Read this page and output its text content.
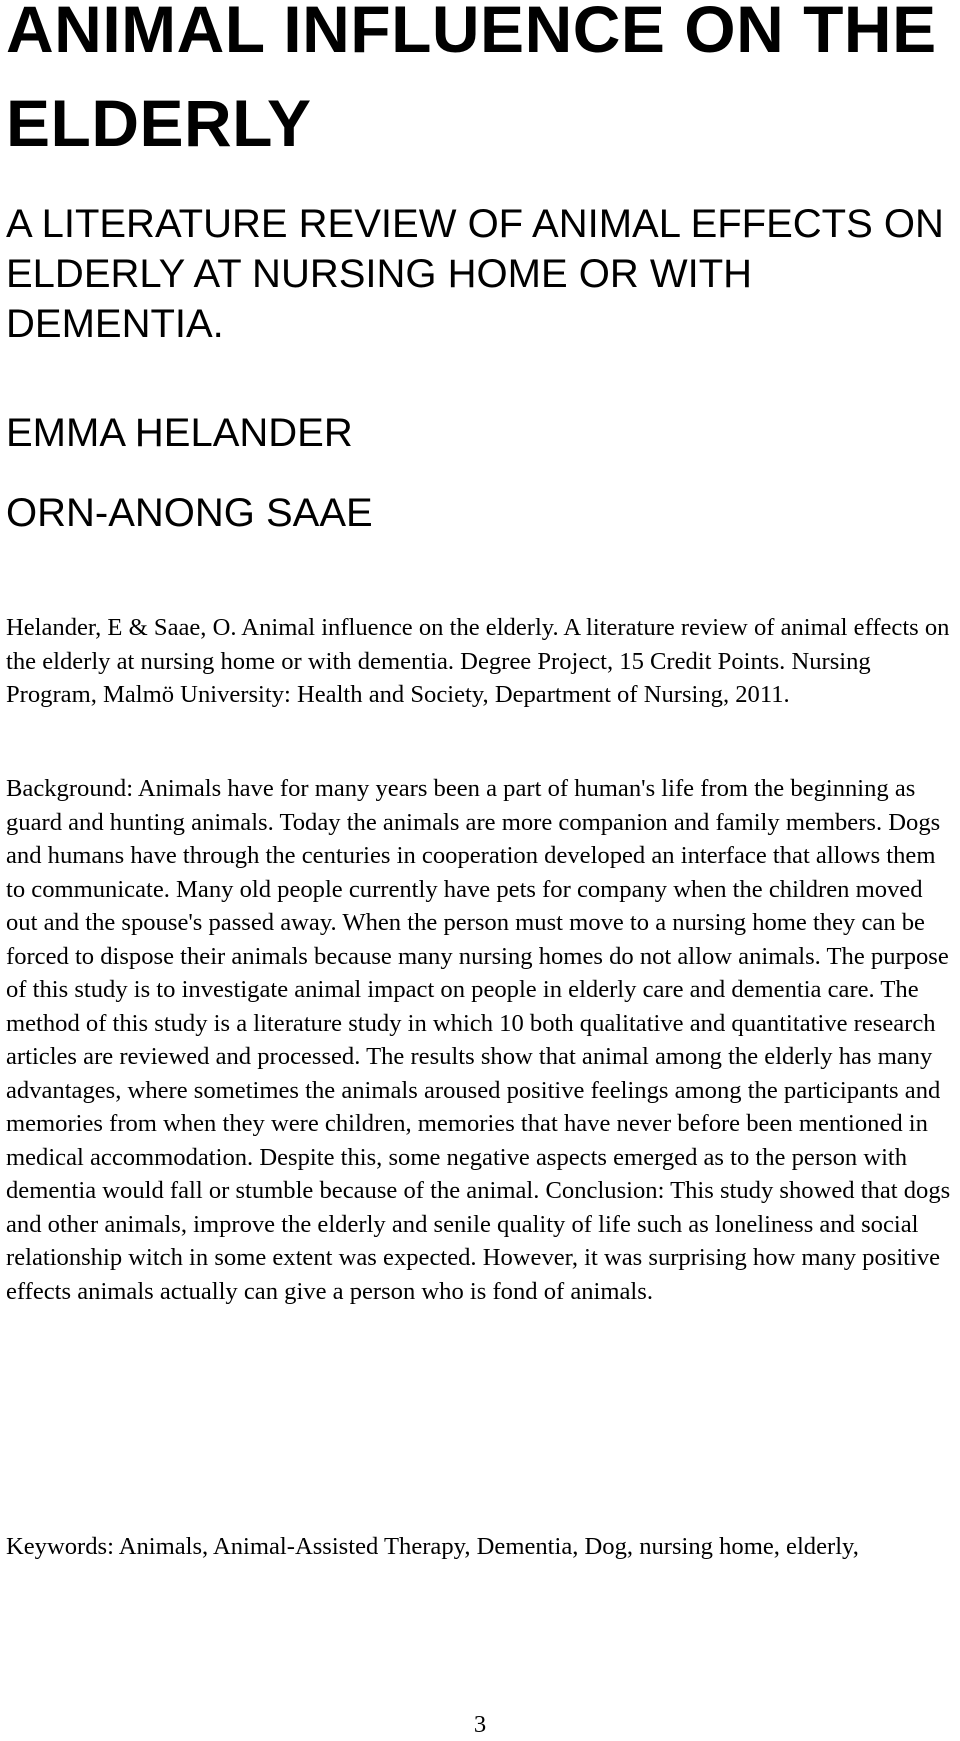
ANIMAL INFLUENCE ON THE ELDERLY
A LITERATURE REVIEW OF ANIMAL EFFECTS ON ELDERLY AT NURSING HOME OR WITH DEMENTIA.

EMMA HELANDER

ORN-ANONG SAAE

Helander, E & Saae, O. Animal influence on the elderly. A literature review of animal effects on the elderly at nursing home or with dementia. Degree Project, 15 Credit Points. Nursing Program, Malmö University: Health and Society, Department of Nursing, 2011.

Background: Animals have for many years been a part of human's life from the beginning as guard and hunting animals. Today the animals are more companion and family members. Dogs and humans have through the centuries in cooperation developed an interface that allows them to communicate. Many old people currently have pets for company when the children moved out and the spouse's passed away. When the person must move to a nursing home they can be forced to dispose their animals because many nursing homes do not allow animals. The purpose of this study is to investigate animal impact on people in elderly care and dementia care. The method of this study is a literature study in which 10 both qualitative and quantitative research articles are reviewed and processed. The results show that animal among the elderly has many advantages, where sometimes the animals aroused positive feelings among the participants and memories from when they were children, memories that have never before been mentioned in medical accommodation. Despite this, some negative aspects emerged as to the person with dementia would fall or stumble because of the animal. Conclusion: This study showed that dogs and other animals, improve the elderly and senile quality of life such as loneliness and social relationship witch in some extent was expected. However, it was surprising how many positive effects animals actually can give a person who is fond of animals.

Keywords: Animals, Animal-Assisted Therapy, Dementia, Dog, nursing home, elderly,

3
